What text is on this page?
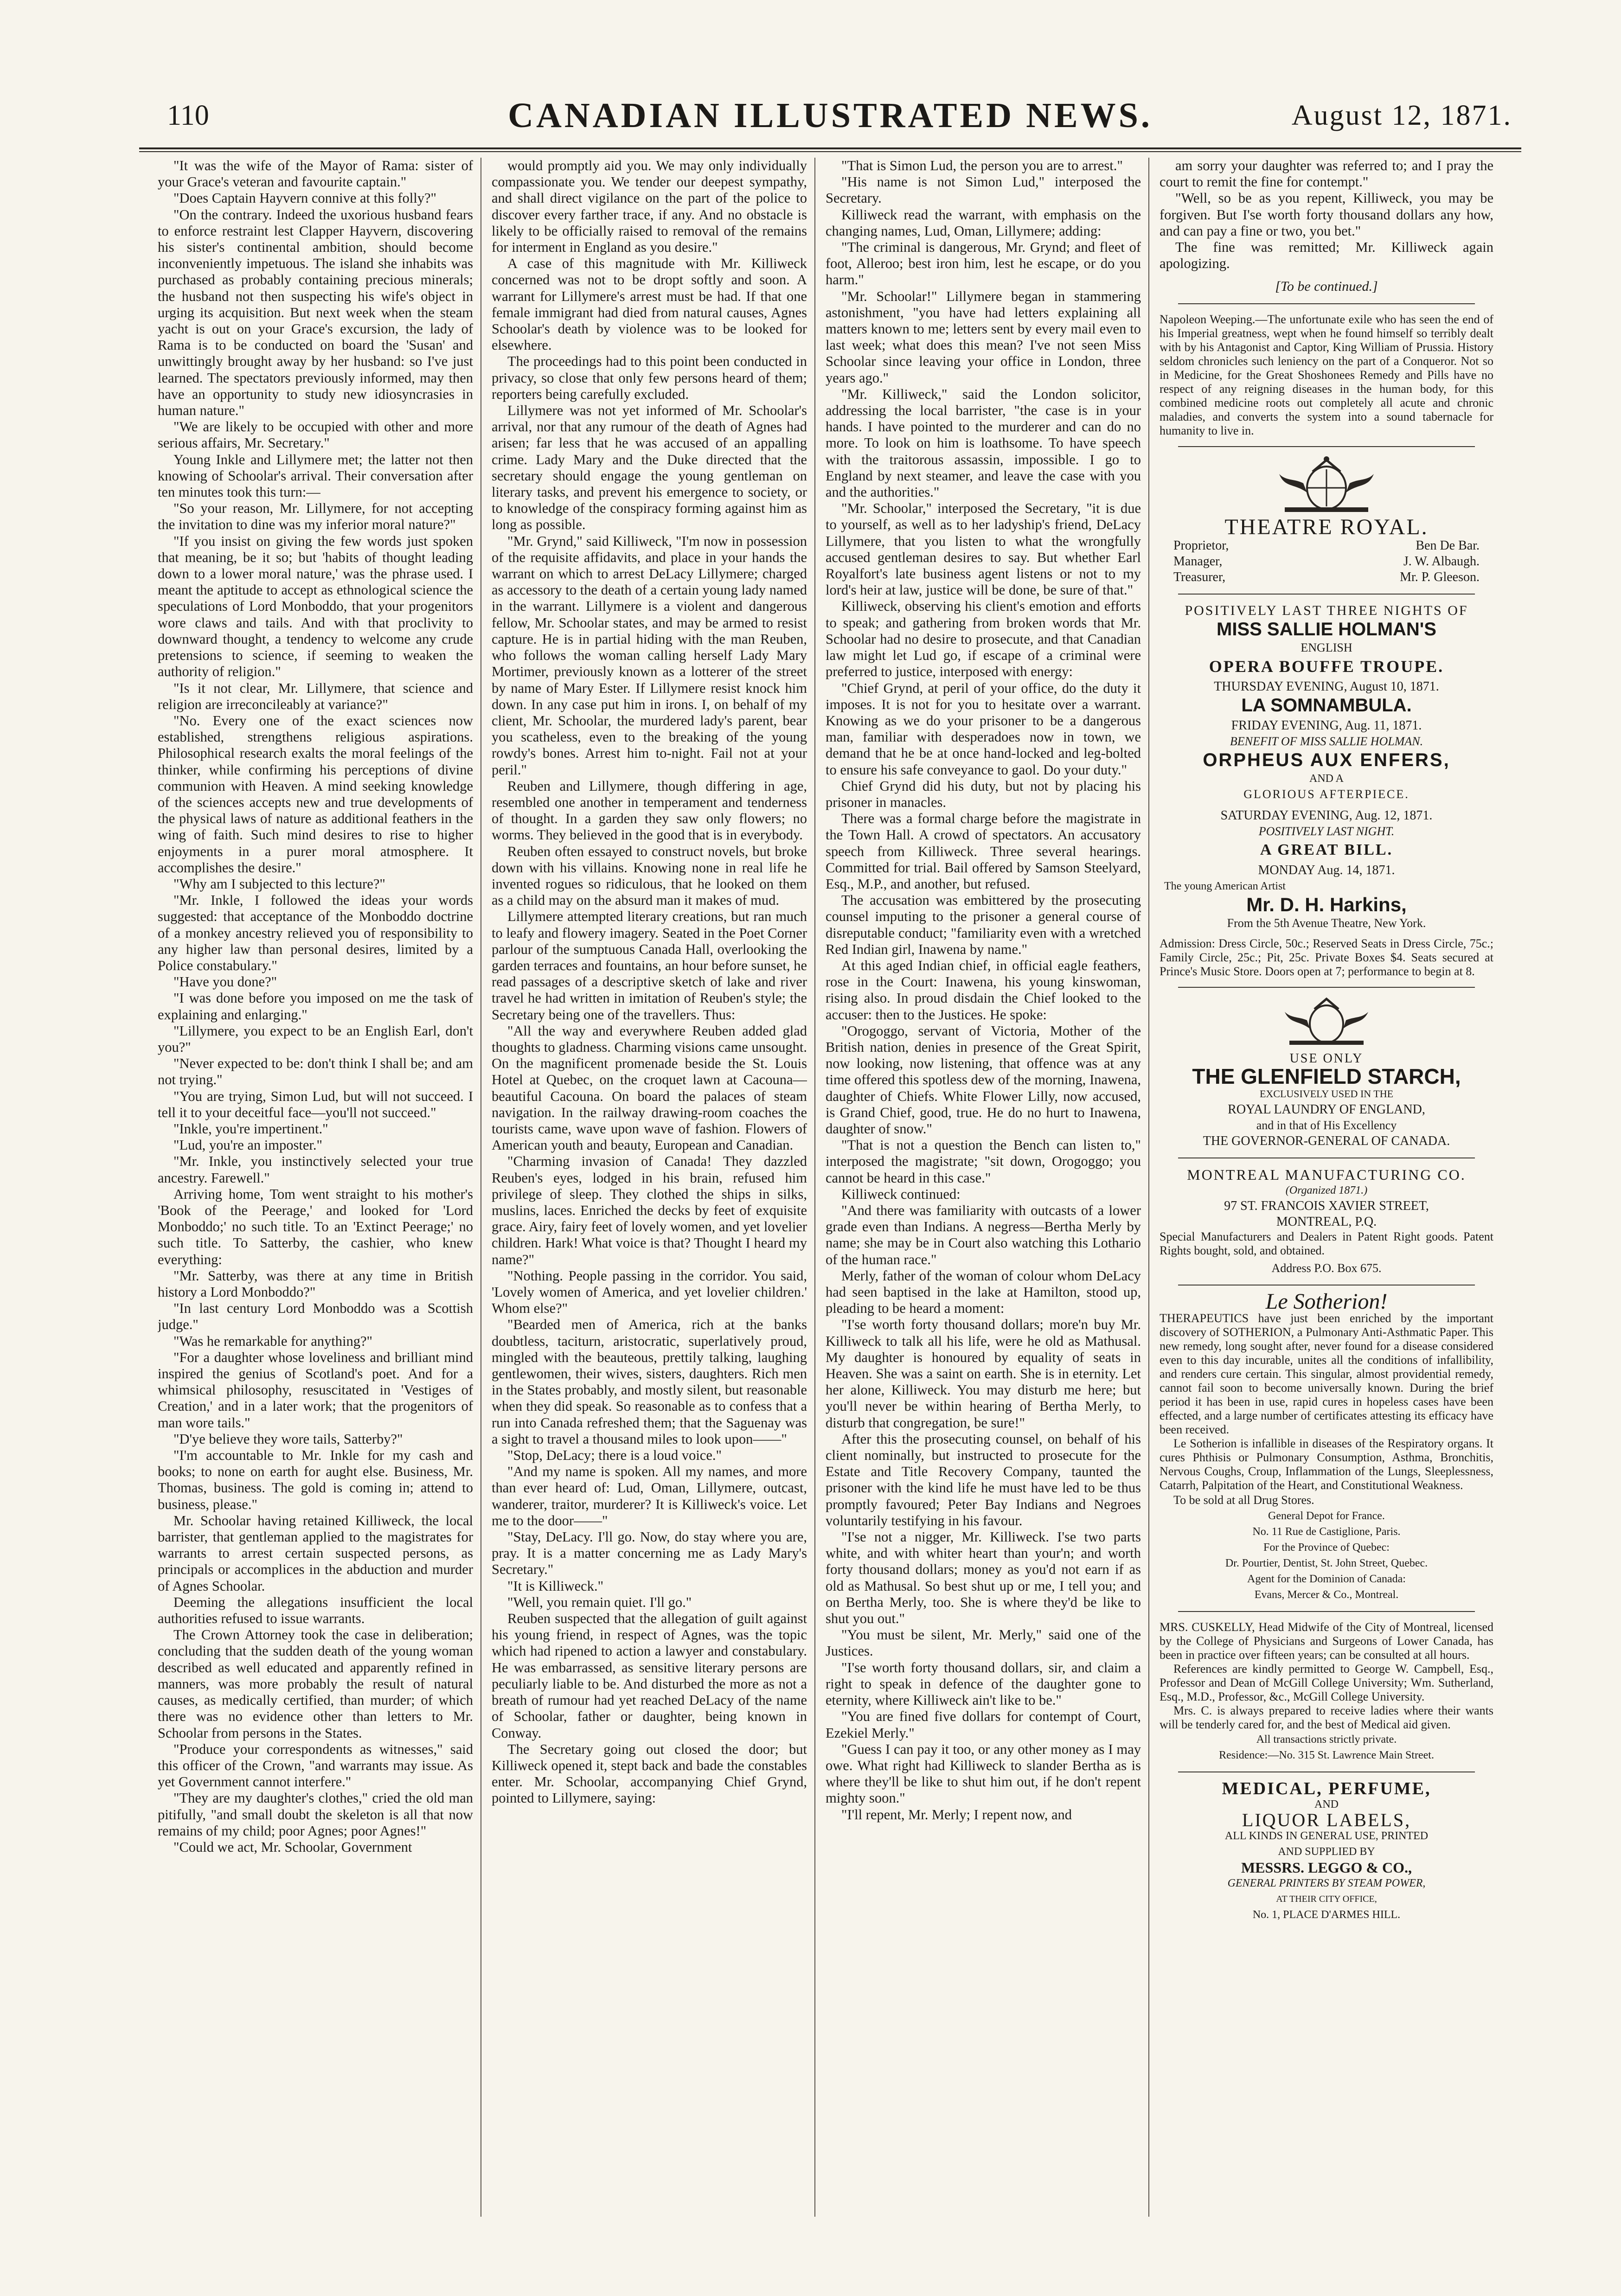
110	CANADIAN ILLUSTRATED NEWS.	August 12, 1871.

"It was the wife of the Mayor of Rama: sister of your Grace's veteran and favourite captain."

"Does Captain Hayvern connive at this folly?"

"On the contrary. Indeed the uxorious husband fears to enforce restraint lest Clapper Hayvern, discovering his sister's continental ambition, should become inconveniently impetuous. The island she inhabits was purchased as probably containing precious minerals; the husband not then suspecting his wife's object in urging its acquisition. But next week when the steam yacht is out on your Grace's excursion, the lady of Rama is to be conducted on board the 'Susan' and unwittingly brought away by her husband: so I've just learned. The spectators previously informed, may then have an opportunity to study new idiosyncrasies in human nature."

"We are likely to be occupied with other and more serious affairs, Mr. Secretary."

Young Inkle and Lillymere met; the latter not then knowing of Schoolar's arrival. Their conversation after ten minutes took this turn:—

"So your reason, Mr. Lillymere, for not accepting the invitation to dine was my inferior moral nature?"

"If you insist on giving the few words just spoken that meaning, be it so; but 'habits of thought leading down to a lower moral nature,' was the phrase used. I meant the aptitude to accept as ethnological science the speculations of Lord Monboddo, that your progenitors wore claws and tails. And with that proclivity to downward thought, a tendency to welcome any crude pretensions to science, if seeming to weaken the authority of religion."

"Is it not clear, Mr. Lillymere, that science and religion are irreconcileably at variance?"

"No. Every one of the exact sciences now established, strengthens religious aspirations. Philosophical research exalts the moral feelings of the thinker, while confirming his perceptions of divine communion with Heaven. A mind seeking knowledge of the sciences accepts new and true developments of the physical laws of nature as additional feathers in the wing of faith. Such mind desires to rise to higher enjoyments in a purer moral atmosphere. It accomplishes the desire."

"Why am I subjected to this lecture?"

"Mr. Inkle, I followed the ideas your words suggested: that acceptance of the Monboddo doctrine of a monkey ancestry relieved you of responsibility to any higher law than personal desires, limited by a Police constabulary."

"Have you done?"

"I was done before you imposed on me the task of explaining and enlarging."

"Lillymere, you expect to be an English Earl, don't you?"

"Never expected to be: don't think I shall be; and am not trying."

"You are trying, Simon Lud, but will not succeed. I tell it to your deceitful face—you'll not succeed."

"Inkle, you're impertinent."

"Lud, you're an imposter."

"Mr. Inkle, you instinctively selected your true ancestry. Farewell."

Arriving home, Tom went straight to his mother's 'Book of the Peerage,' and looked for 'Lord Monboddo;' no such title. To an 'Extinct Peerage;' no such title. To Satterby, the cashier, who knew everything:

"Mr. Satterby, was there at any time in British history a Lord Monboddo?"

"In last century Lord Monboddo was a Scottish judge."

"Was he remarkable for anything?"

"For a daughter whose loveliness and brilliant mind inspired the genius of Scotland's poet. And for a whimsical philosophy, resuscitated in 'Vestiges of Creation,' and in a later work; that the progenitors of man wore tails."

"D'ye believe they wore tails, Satterby?"

"I'm accountable to Mr. Inkle for my cash and books; to none on earth for aught else. Business, Mr. Thomas, business. The gold is coming in; attend to business, please."

Mr. Schoolar having retained Killiweck, the local barrister, that gentleman applied to the magistrates for warrants to arrest certain suspected persons, as principals or accomplices in the abduction and murder of Agnes Schoolar.

Deeming the allegations insufficient the local authorities refused to issue warrants.

The Crown Attorney took the case in deliberation; concluding that the sudden death of the young woman described as well educated and apparently refined in manners, was more probably the result of natural causes, as medically certified, than murder; of which there was no evidence other than letters to Mr. Schoolar from persons in the States.

"Produce your correspondents as witnesses," said this officer of the Crown, "and warrants may issue. As yet Government cannot interfere."

"They are my daughter's clothes," cried the old man pitifully, "and small doubt the skeleton is all that now remains of my child; poor Agnes; poor Agnes!"

"Could we act, Mr. Schoolar, Government

would promptly aid you. We may only individually compassionate you. We tender our deepest sympathy, and shall direct vigilance on the part of the police to discover every farther trace, if any. And no obstacle is likely to be officially raised to removal of the remains for interment in England as you desire."

A case of this magnitude with Mr. Killiweck concerned was not to be dropt softly and soon. A warrant for Lillymere's arrest must be had. If that one female immigrant had died from natural causes, Agnes Schoolar's death by violence was to be looked for elsewhere.

The proceedings had to this point been conducted in privacy, so close that only few persons heard of them; reporters being carefully excluded.

Lillymere was not yet informed of Mr. Schoolar's arrival, nor that any rumour of the death of Agnes had arisen; far less that he was accused of an appalling crime. Lady Mary and the Duke directed that the secretary should engage the young gentleman on literary tasks, and prevent his emergence to society, or to knowledge of the conspiracy forming against him as long as possible.

"Mr. Grynd," said Killiweck, "I'm now in possession of the requisite affidavits, and place in your hands the warrant on which to arrest DeLacy Lillymere; charged as accessory to the death of a certain young lady named in the warrant. Lillymere is a violent and dangerous fellow, Mr. Schoolar states, and may be armed to resist capture. He is in partial hiding with the man Reuben, who follows the woman calling herself Lady Mary Mortimer, previously known as a lotterer of the street by name of Mary Ester. If Lillymere resist knock him down. In any case put him in irons. I, on behalf of my client, Mr. Schoolar, the murdered lady's parent, bear you scatheless, even to the breaking of the young rowdy's bones. Arrest him to-night. Fail not at your peril."

Reuben and Lillymere, though differing in age, resembled one another in temperament and tenderness of thought. In a garden they saw only flowers; no worms. They believed in the good that is in everybody.

Reuben often essayed to construct novels, but broke down with his villains. Knowing none in real life he invented rogues so ridiculous, that he looked on them as a child may on the absurd man it makes of mud.

Lillymere attempted literary creations, but ran much to leafy and flowery imagery. Seated in the Poet Corner parlour of the sumptuous Canada Hall, overlooking the garden terraces and fountains, an hour before sunset, he read passages of a descriptive sketch of lake and river travel he had written in imitation of Reuben's style; the Secretary being one of the travellers. Thus:

"All the way and everywhere Reuben added glad thoughts to gladness. Charming visions came unsought. On the magnificent promenade beside the St. Louis Hotel at Quebec, on the croquet lawn at Cacouna—beautiful Cacouna. On board the palaces of steam navigation. In the railway drawing-room coaches the tourists came, wave upon wave of fashion. Flowers of American youth and beauty, European and Canadian.

"Charming invasion of Canada! They dazzled Reuben's eyes, lodged in his brain, refused him privilege of sleep. They clothed the ships in silks, muslins, laces. Enriched the decks by feet of exquisite grace. Airy, fairy feet of lovely women, and yet lovelier children. Hark! What voice is that? Thought I heard my name?"

"Nothing. People passing in the corridor. You said, 'Lovely women of America, and yet lovelier children.' Whom else?"

"Bearded men of America, rich at the banks doubtless, taciturn, aristocratic, superlatively proud, mingled with the beauteous, prettily talking, laughing gentlewomen, their wives, sisters, daughters. Rich men in the States probably, and mostly silent, but reasonable when they did speak. So reasonable as to confess that a run into Canada refreshed them; that the Saguenay was a sight to travel a thousand miles to look upon——"

"Stop, DeLacy; there is a loud voice."

"And my name is spoken. All my names, and more than ever heard of: Lud, Oman, Lillymere, outcast, wanderer, traitor, murderer? It is Killiweck's voice. Let me to the door——"

"Stay, DeLacy. I'll go. Now, do stay where you are, pray. It is a matter concerning me as Lady Mary's Secretary."

"It is Killiweck."

"Well, you remain quiet. I'll go."

Reuben suspected that the allegation of guilt against his young friend, in respect of Agnes, was the topic which had ripened to action a lawyer and constabulary. He was embarrassed, as sensitive literary persons are peculiarly liable to be. And disturbed the more as not a breath of rumour had yet reached DeLacy of the name of Schoolar, father or daughter, being known in Conway.

The Secretary going out closed the door; but Killiweck opened it, stept back and bade the constables enter. Mr. Schoolar, accompanying Chief Grynd, pointed to Lillymere, saying:

"That is Simon Lud, the person you are to arrest."

"His name is not Simon Lud," interposed the Secretary.

Killiweck read the warrant, with emphasis on the changing names, Lud, Oman, Lillymere; adding:

"The criminal is dangerous, Mr. Grynd; and fleet of foot, Alleroo; best iron him, lest he escape, or do you harm."

"Mr. Schoolar!" Lillymere began in stammering astonishment, "you have had letters explaining all matters known to me; letters sent by every mail even to last week; what does this mean? I've not seen Miss Schoolar since leaving your office in London, three years ago."

"Mr. Killiweck," said the London solicitor, addressing the local barrister, "the case is in your hands. I have pointed to the murderer and can do no more. To look on him is loathsome. To have speech with the traitorous assassin, impossible. I go to England by next steamer, and leave the case with you and the authorities."

"Mr. Schoolar," interposed the Secretary, "it is due to yourself, as well as to her ladyship's friend, DeLacy Lillymere, that you listen to what the wrongfully accused gentleman desires to say. But whether Earl Royalfort's late business agent listens or not to my lord's heir at law, justice will be done, be sure of that."

Killiweck, observing his client's emotion and efforts to speak; and gathering from broken words that Mr. Schoolar had no desire to prosecute, and that Canadian law might let Lud go, if escape of a criminal were preferred to justice, interposed with energy:

"Chief Grynd, at peril of your office, do the duty it imposes. It is not for you to hesitate over a warrant. Knowing as we do your prisoner to be a dangerous man, familiar with desperadoes now in town, we demand that he be at once hand-locked and leg-bolted to ensure his safe conveyance to gaol. Do your duty."

Chief Grynd did his duty, but not by placing his prisoner in manacles.

There was a formal charge before the magistrate in the Town Hall. A crowd of spectators. An accusatory speech from Killiweck. Three several hearings. Committed for trial. Bail offered by Samson Steelyard, Esq., M.P., and another, but refused.

The accusation was embittered by the prosecuting counsel imputing to the prisoner a general course of disreputable conduct; "familiarity even with a wretched Red Indian girl, Inawena by name."

At this aged Indian chief, in official eagle feathers, rose in the Court: Inawena, his young kinswoman, rising also. In proud disdain the Chief looked to the accuser: then to the Justices. He spoke:

"Orogoggo, servant of Victoria, Mother of the British nation, denies in presence of the Great Spirit, now looking, now listening, that offence was at any time offered this spotless dew of the morning, Inawena, daughter of Chiefs. White Flower Lilly, now accused, is Grand Chief, good, true. He do no hurt to Inawena, daughter of snow."

"That is not a question the Bench can listen to," interposed the magistrate; "sit down, Orogoggo; you cannot be heard in this case."

Killiweck continued:

"And there was familiarity with outcasts of a lower grade even than Indians. A negress—Bertha Merly by name; she may be in Court also watching this Lothario of the human race."

Merly, father of the woman of colour whom DeLacy had seen baptised in the lake at Hamilton, stood up, pleading to be heard a moment:

"I'se worth forty thousand dollars; more'n buy Mr. Killiweck to talk all his life, were he old as Mathusal. My daughter is honoured by equality of seats in Heaven. She was a saint on earth. She is in eternity. Let her alone, Killiweck. You may disturb me here; but you'll never be within hearing of Bertha Merly, to disturb that congregation, be sure!"

After this the prosecuting counsel, on behalf of his client nominally, but instructed to prosecute for the Estate and Title Recovery Company, taunted the prisoner with the kind life he must have led to be thus promptly favoured; Peter Bay Indians and Negroes voluntarily testifying in his favour.

"I'se not a nigger, Mr. Killiweck. I'se two parts white, and with whiter heart than your'n; and worth forty thousand dollars; money as you'd not earn if as old as Mathusal. So best shut up or me, I tell you; and on Bertha Merly, too. She is where they'd be like to shut you out."

"You must be silent, Mr. Merly," said one of the Justices.

"I'se worth forty thousand dollars, sir, and claim a right to speak in defence of the daughter gone to eternity, where Killiweck ain't like to be."

"You are fined five dollars for contempt of Court, Ezekiel Merly."

"Guess I can pay it too, or any other money as I may owe. What right had Killiweck to slander Bertha as is where they'll be like to shut him out, if he don't repent mighty soon."

"I'll repent, Mr. Merly; I repent now, and

am sorry your daughter was referred to; and I pray the court to remit the fine for contempt."

"Well, so be as you repent, Killiweck, you may be forgiven. But I'se worth forty thousand dollars any how, and can pay a fine or two, you bet."

The fine was remitted; Mr. Killiweck again apologizing.

[To be continued.]
Napoleon Weeping.—The unfortunate exile who has seen the end of his Imperial greatness, wept when he found himself so terribly dealt with by his Antagonist and Captor, King William of Prussia. History seldom chronicles such leniency on the part of a Conqueror. Not so in Medicine, for the Great Shoshonees Remedy and Pills have no respect of any reigning diseases in the human body, for this combined medicine roots out completely all acute and chronic maladies, and converts the system into a sound tabernacle for humanity to live in.
THEATRE ROYAL.
Proprietor,	Ben De Bar.
Manager,	J. W. Albaugh.
Treasurer,	Mr. P. Gleeson.
POSITIVELY LAST THREE NIGHTS OF
MISS SALLIE HOLMAN'S
ENGLISH
OPERA BOUFFE TROUPE.
THURSDAY EVENING, August 10, 1871.
LA SOMNAMBULA.
FRIDAY EVENING, Aug. 11, 1871.
BENEFIT OF MISS SALLIE HOLMAN.
ORPHEUS AUX ENFERS,
AND A
GLORIOUS AFTERPIECE.
SATURDAY EVENING, Aug. 12, 1871.
POSITIVELY LAST NIGHT.
A GREAT BILL.
MONDAY Aug. 14, 1871.
The young American Artist
Mr. D. H. Harkins,
From the 5th Avenue Theatre, New York.
Admission: Dress Circle, 50c.; Reserved Seats in Dress Circle, 75c.; Family Circle, 25c.; Pit, 25c. Private Boxes $4. Seats secured at Prince's Music Store. Doors open at 7; performance to begin at 8.
USE ONLY
THE GLENFIELD STARCH,
EXCLUSIVELY USED IN THE
ROYAL LAUNDRY OF ENGLAND,
and in that of His Excellency
THE GOVERNOR-GENERAL OF CANADA.
MONTREAL MANUFACTURING CO.
(Organized 1871.)
97 ST. FRANCOIS XAVIER STREET,
MONTREAL, P.Q.
Special Manufacturers and Dealers in Patent Right goods. Patent Rights bought, sold, and obtained.
Address P.O. Box 675.
Le Sotherion!
THERAPEUTICS have just been enriched by the important discovery of SOTHERION, a Pulmonary Anti-Asthmatic Paper. This new remedy, long sought after, never found for a disease considered even to this day incurable, unites all the conditions of infallibility, and renders cure certain. This singular, almost providential remedy, cannot fail soon to become universally known. During the brief period it has been in use, rapid cures in hopeless cases have been effected, and a large number of certificates attesting its efficacy have been received.
Le Sotherion is infallible in diseases of the Respiratory organs. It cures Phthisis or Pulmonary Consumption, Asthma, Bronchitis, Nervous Coughs, Croup, Inflammation of the Lungs, Sleeplessness, Catarrh, Palpitation of the Heart, and Constitutional Weakness.
To be sold at all Drug Stores.
General Depot for France.
No. 11 Rue de Castiglione, Paris.
For the Province of Quebec:
Dr. Pourtier, Dentist, St. John Street, Quebec.
Agent for the Dominion of Canada:
Evans, Mercer & Co., Montreal.
MRS. CUSKELLY, Head Midwife of the City of Montreal, licensed by the College of Physicians and Surgeons of Lower Canada, has been in practice over fifteen years; can be consulted at all hours.
References are kindly permitted to George W. Campbell, Esq., Professor and Dean of McGill College University; Wm. Sutherland, Esq., M.D., Professor, &c., McGill College University.
Mrs. C. is always prepared to receive ladies where their wants will be tenderly cared for, and the best of Medical aid given.
All transactions strictly private.
Residence:—No. 315 St. Lawrence Main Street.
MEDICAL, PERFUME,
AND
LIQUOR LABELS,
ALL KINDS IN GENERAL USE, PRINTED
AND SUPPLIED BY
MESSRS. LEGGO & CO.,
GENERAL PRINTERS BY STEAM POWER,
AT THEIR CITY OFFICE,
No. 1, PLACE D'ARMES HILL.
